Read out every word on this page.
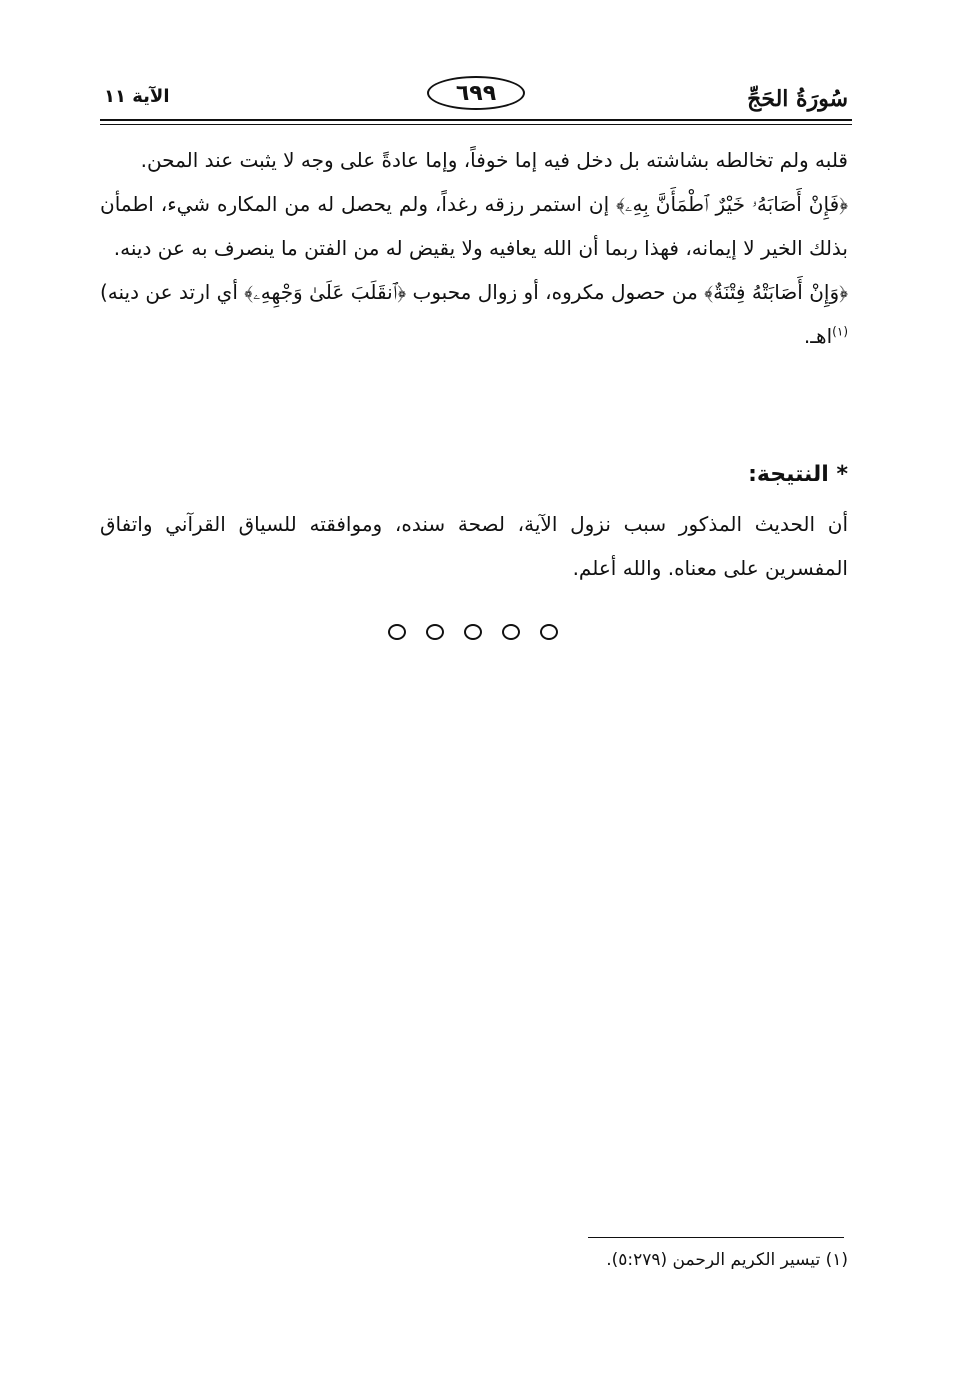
سُورَةُ الحَجِّ
٦٩٩
الآية ١١

قلبه ولم تخالطه بشاشته بل دخل فيه إما خوفاً، وإما عادةً على وجه لا يثبت عند المحن.

﴿فَإِنْ أَصَابَهُۥ خَيْرٌ ٱطْمَأَنَّ بِهِۦ﴾ إن استمر رزقه رغداً، ولم يحصل له من المكاره شيء، اطمأن بذلك الخير لا إيمانه، فهذا ربما أن الله يعافيه ولا يقيض له من الفتن ما ينصرف به عن دينه.

﴿وَإِنْ أَصَابَتْهُ فِتْنَةٌ﴾ من حصول مكروه، أو زوال محبوب ﴿ٱنقَلَبَ عَلَىٰ وَجْهِهِۦ﴾ أي ارتد عن دينه)$^{(١)}$اهـ.

* النتيجة:
أن الحديث المذكور سبب نزول الآية، لصحة سنده، وموافقته للسياق القرآني واتفاق المفسرين على معناه. والله أعلم.
(١) تيسير الكريم الرحمن (٥:٢٧٩).
